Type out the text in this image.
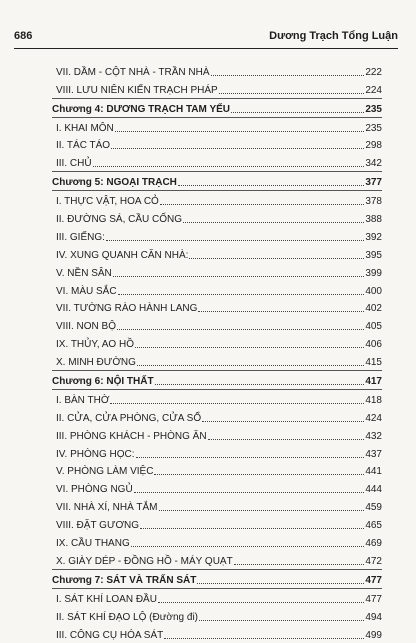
686	Dương Trạch Tổng Luận
VII. DẦM - CỘT NHÀ - TRẦN NHÀ	222
VIII. LƯU NIÊN KIẾN TRẠCH PHÁP	224
Chương 4: DƯƠNG TRẠCH TAM YẾU	235
I. KHAI MÔN	235
II. TÁC TÁO	298
III. CHỦ	342
Chương 5: NGOẠI TRẠCH	377
I. THỰC VẬT, HOA CỎ	378
II. ĐƯỜNG SÁ, CẦU CỐNG	388
III. GIẾNG:	392
IV. XUNG QUANH CĂN NHÀ:	395
V. NỀN SÂN	399
VI. MÀU SẮC	400
VII. TƯỜNG RÀO HÀNH LANG	402
VIII. NON BỘ	405
IX. THỦY, AO HỒ	406
X. MINH ĐƯỜNG	415
Chương 6: NỘI THẤT	417
I. BÀN THỜ	418
II. CỬA, CỬA PHÒNG, CỬA SỔ	424
III. PHÒNG KHÁCH - PHÒNG ĂN	432
IV. PHÒNG HỌC:	437
V. PHÒNG LÀM VIỆC	441
VI. PHÒNG NGỦ	444
VII. NHÀ XÍ, NHÀ TẮM	459
VIII. ĐẶT GƯƠNG	465
IX. CẦU THANG	469
X. GIÀY DÉP - ĐỒNG HỒ - MÁY QUẠT	472
Chương 7: SÁT VÀ TRẤN SÁT	477
I. SÁT KHÍ LOAN ĐẦU	477
II. SÁT KHÍ ĐẠO LỘ (Đường đi)	494
III. CÔNG CỤ HÓA SÁT	499
